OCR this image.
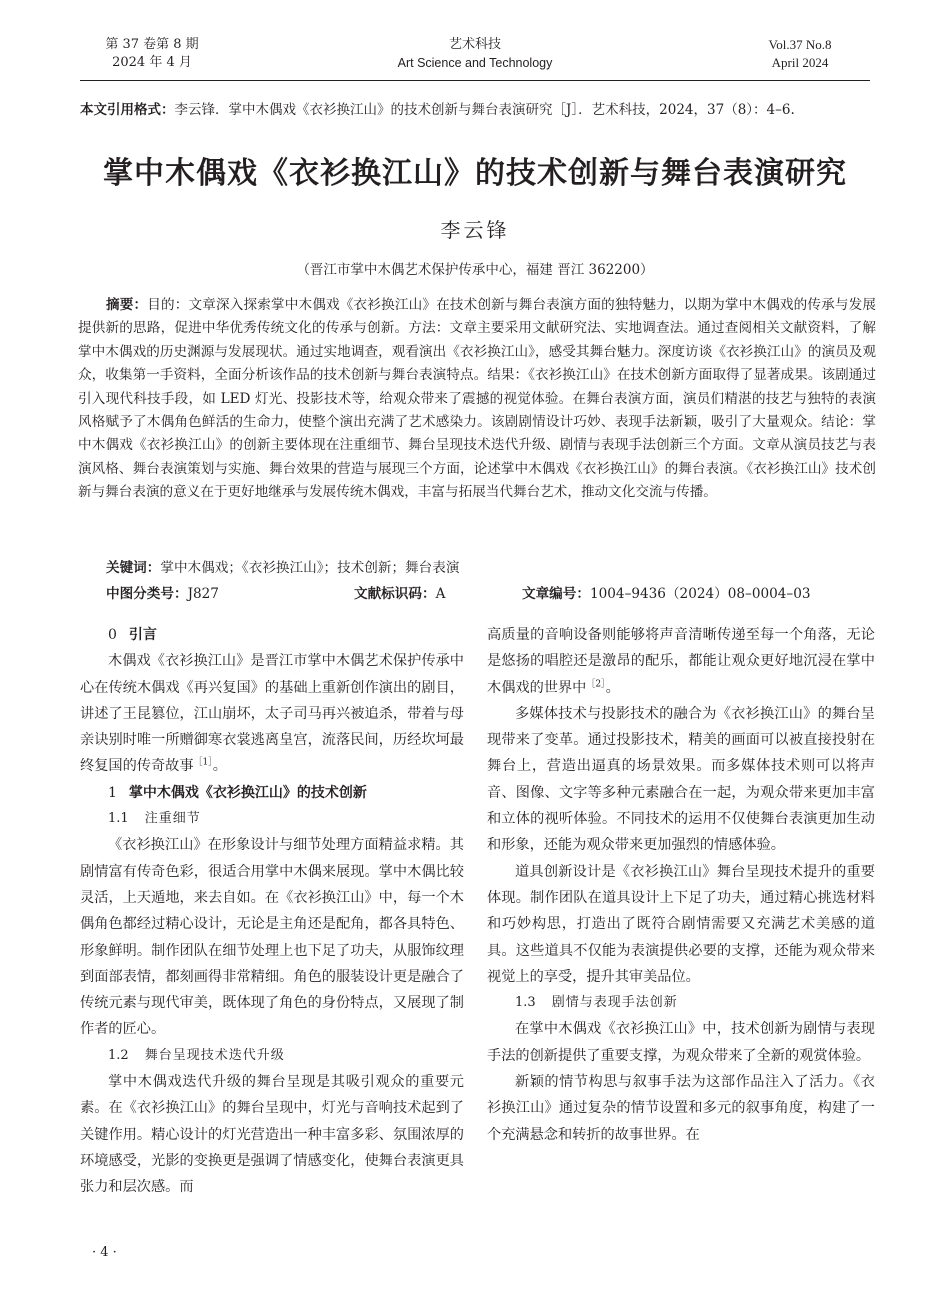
第 37 卷第 8 期
2024 年 4 月
艺术科技
Art Science and Technology
Vol.37 No.8
April 2024
本文引用格式：李云锋．掌中木偶戏《衣衫换江山》的技术创新与舞台表演研究［J］．艺术科技，2024，37（8）：4–6.
掌中木偶戏《衣衫换江山》的技术创新与舞台表演研究
李云锋
（晋江市掌中木偶艺术保护传承中心，福建 晋江 362200）
摘要：目的：文章深入探索掌中木偶戏《衣衫换江山》在技术创新与舞台表演方面的独特魅力，以期为掌中木偶戏的传承与发展提供新的思路，促进中华优秀传统文化的传承与创新。方法：文章主要采用文献研究法、实地调查法。通过查阅相关文献资料，了解掌中木偶戏的历史渊源与发展现状。通过实地调查，观看演出《衣衫换江山》，感受其舞台魅力。深度访谈《衣衫换江山》的演员及观众，收集第一手资料，全面分析该作品的技术创新与舞台表演特点。结果：《衣衫换江山》在技术创新方面取得了显著成果。该剧通过引入现代科技手段，如 LED 灯光、投影技术等，给观众带来了震撼的视觉体验。在舞台表演方面，演员们精湛的技艺与独特的表演风格赋予了木偶角色鲜活的生命力，使整个演出充满了艺术感染力。该剧剧情设计巧妙、表现手法新颖，吸引了大量观众。结论：掌中木偶戏《衣衫换江山》的创新主要体现在注重细节、舞台呈现技术迭代升级、剧情与表现手法创新三个方面。文章从演员技艺与表演风格、舞台表演策划与实施、舞台效果的营造与展现三个方面，论述掌中木偶戏《衣衫换江山》的舞台表演。《衣衫换江山》技术创新与舞台表演的意义在于更好地继承与发展传统木偶戏，丰富与拓展当代舞台艺术，推动文化交流与传播。
关键词：掌中木偶戏；《衣衫换江山》；技术创新；舞台表演
中图分类号：J827	文献标识码：A	文章编号：1004–9436（2024）08–0004–03
0 引言

木偶戏《衣衫换江山》是晋江市掌中木偶艺术保护传承中心在传统木偶戏《再兴复国》的基础上重新创作演出的剧目，讲述了王昆篡位，江山崩坏，太子司马再兴被追杀，带着与母亲诀别时唯一所赠御寒衣裳逃离皇宫，流落民间，历经坎坷最终复国的传奇故事$^{[1]}$。

1 掌中木偶戏《衣衫换江山》的技术创新
1.1 注重细节

《衣衫换江山》在形象设计与细节处理方面精益求精。其剧情富有传奇色彩，很适合用掌中木偶来展现。掌中木偶比较灵活，上天遁地，来去自如。在《衣衫换江山》中，每一个木偶角色都经过精心设计，无论是主角还是配角，都各具特色、形象鲜明。制作团队在细节处理上也下足了功夫，从服饰纹理到面部表情，都刻画得非常精细。角色的服装设计更是融合了传统元素与现代审美，既体现了角色的身份特点，又展现了制作者的匠心。

1.2 舞台呈现技术迭代升级

掌中木偶戏迭代升级的舞台呈现是其吸引观众的重要元素。在《衣衫换江山》的舞台呈现中，灯光与音响技术起到了关键作用。精心设计的灯光营造出一种丰富多彩、氛围浓厚的环境感受，光影的变换更是强调了情感变化，使舞台表演更具张力和层次感。而

高质量的音响设备则能够将声音清晰传递至每一个角落，无论是悠扬的唱腔还是激昂的配乐，都能让观众更好地沉浸在掌中木偶戏的世界中$^{[2]}$。

多媒体技术与投影技术的融合为《衣衫换江山》的舞台呈现带来了变革。通过投影技术，精美的画面可以被直接投射在舞台上，营造出逼真的场景效果。而多媒体技术则可以将声音、图像、文字等多种元素融合在一起，为观众带来更加丰富和立体的视听体验。不同技术的运用不仅使舞台表演更加生动和形象，还能为观众带来更加强烈的情感体验。

道具创新设计是《衣衫换江山》舞台呈现技术提升的重要体现。制作团队在道具设计上下足了功夫，通过精心挑选材料和巧妙构思，打造出了既符合剧情需要又充满艺术美感的道具。这些道具不仅能为表演提供必要的支撑，还能为观众带来视觉上的享受，提升其审美品位。

1.3 剧情与表现手法创新

在掌中木偶戏《衣衫换江山》中，技术创新为剧情与表现手法的创新提供了重要支撑，为观众带来了全新的观赏体验。

新颖的情节构思与叙事手法为这部作品注入了活力。《衣衫换江山》通过复杂的情节设置和多元的叙事角度，构建了一个充满悬念和转折的故事世界。在

· 4 ·
